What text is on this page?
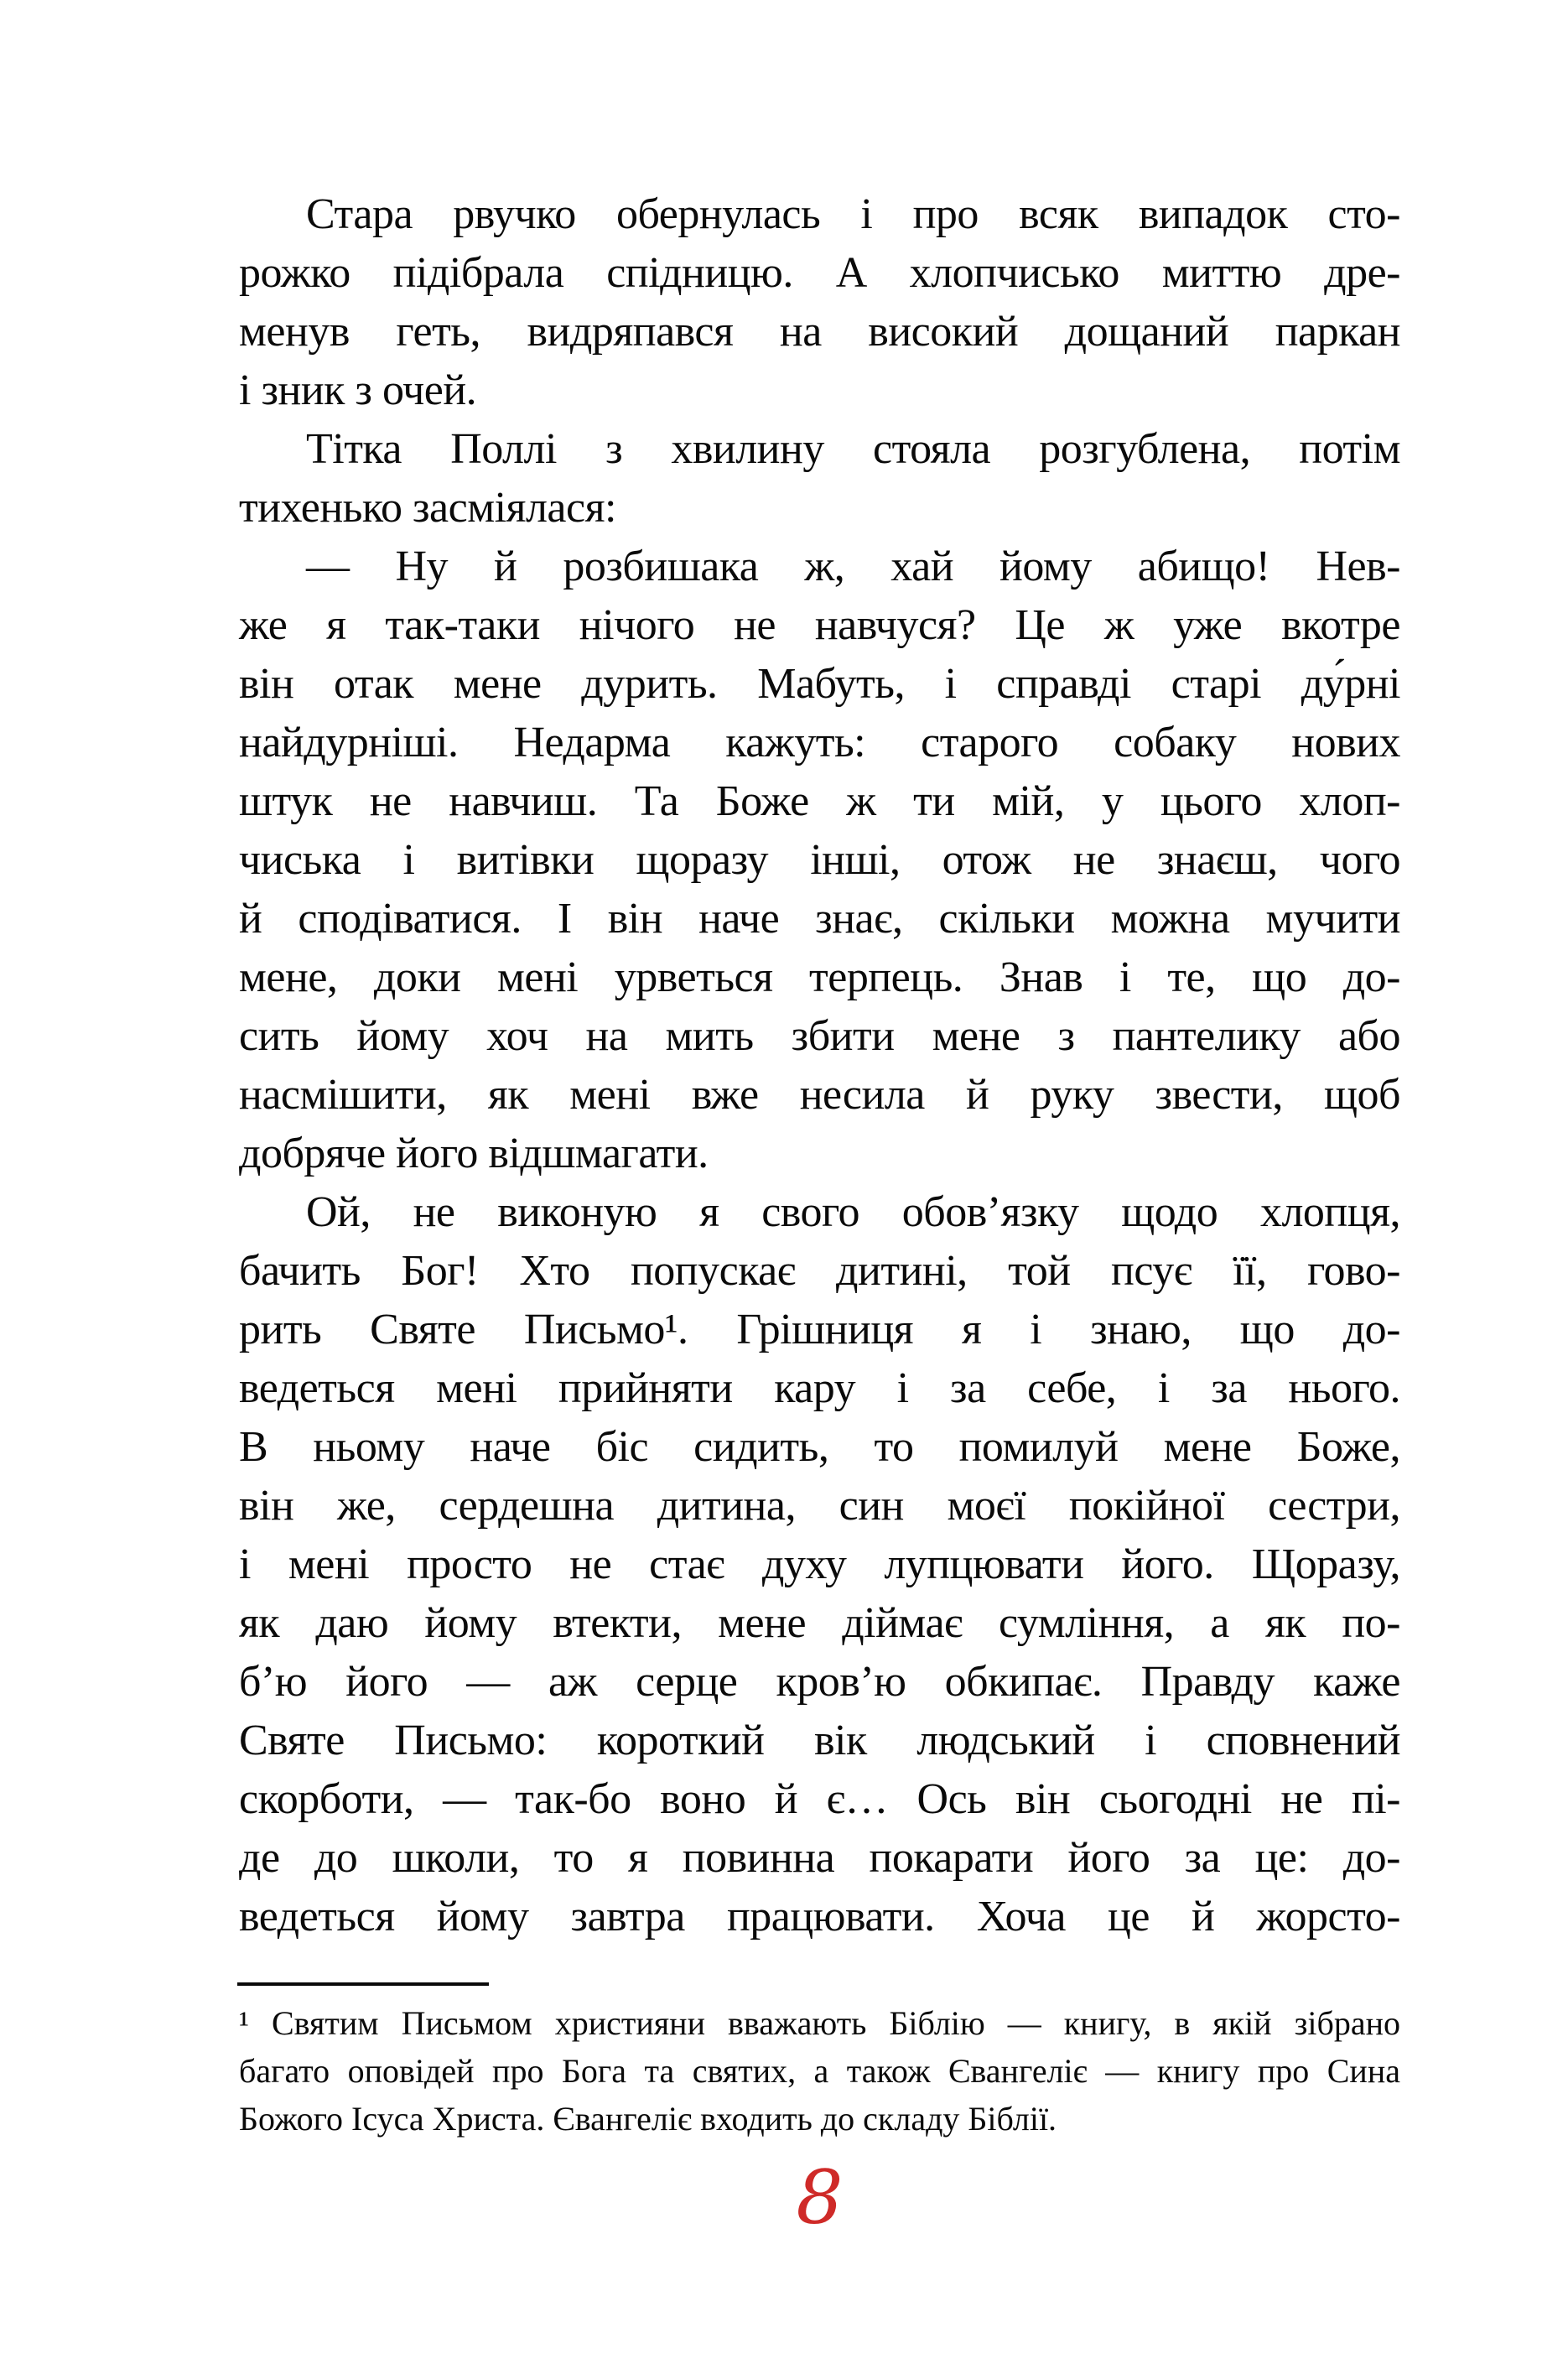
Стара рвучко обернулась і про всяк випадок сто-
рожко підібрала спідницю. А хлопчисько миттю дре-
менув геть, видряпався на високий дощаний паркан
і зник з очей.
Тітка Поллі з хвилину стояла розгублена, потім
тихенько засміялася:
— Ну й розбишака ж, хай йому абищо! Нев-
же я так-таки нічого не навчуся? Це ж уже вкотре
він отак мене дурить. Мабуть, і справді старі ду́рні
найдурніші. Недарма кажуть: старого собаку нових
штук не навчиш. Та Боже ж ти мій, у цього хлоп-
чиська і витівки щоразу інші, отож не знаєш, чого
й сподіватися. І він наче знає, скільки можна мучити
мене, доки мені урветься терпець. Знав і те, що до-
сить йому хоч на мить збити мене з пантелику або
насмішити, як мені вже несила й руку звести, щоб
добряче його відшмагати.
Ой, не виконую я свого обов’язку щодо хлопця,
бачить Бог! Хто попускає дитині, той псує її, гово-
рить Святе Письмо¹. Грішниця я і знаю, що до-
ведеться мені прийняти кару і за себе, і за нього.
В ньому наче біс сидить, то помилуй мене Боже,
він же, сердешна дитина, син моєї покійної сестри,
і мені просто не стає духу лупцювати його. Щоразу,
як даю йому втекти, мене діймає сумління, а як по-
б’ю його — аж серце кров’ю обкипає. Правду каже
Святе Письмо: короткий вік людський і сповнений
скорботи, — так-бо воно й є… Ось він сьогодні не пі-
де до школи, то я повинна покарати його за це: до-
ведеться йому завтра працювати. Хоча це й жорсто-
¹ Святим Письмом християни вважають Біблію — книгу, в якій зібрано
багато оповідей про Бога та святих, а також Євангеліє — книгу про Сина
Божого Ісуса Христа. Євангеліє входить до складу Біблії.
8
